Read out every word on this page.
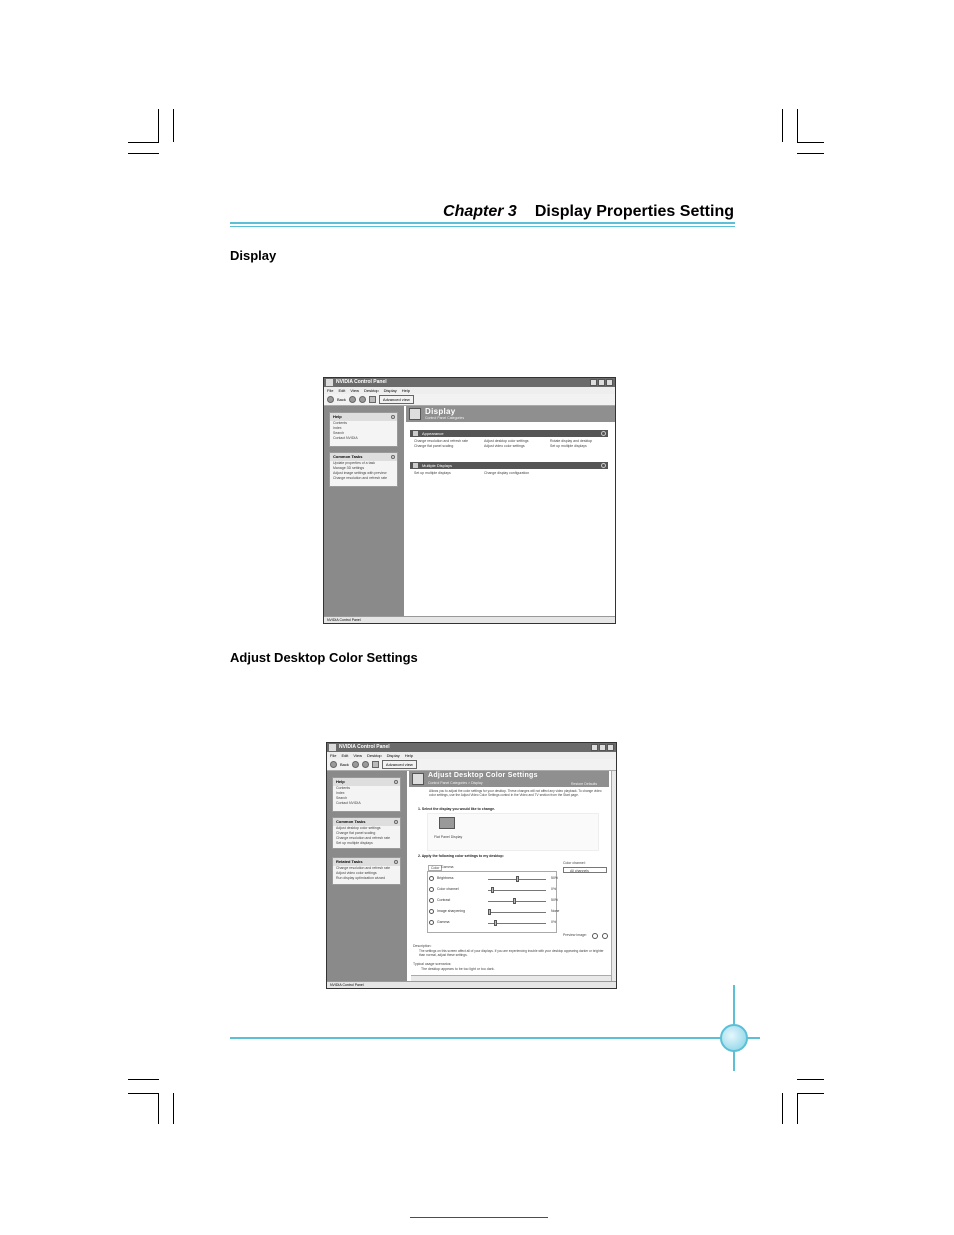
Chapter 3 Display Properties Setting
Display
NVIDIA Control Panel
File Edit View Desktop Display Help
Back	Advanced view
Help
Contents
Index
Search
Contact NVIDIA
Common Tasks
Update properties of a task
Manage 3D settings
Adjust image settings with preview
Change resolution and refresh rate
Display
Control Panel Categories
Appearance
Change resolution and refresh rate	Adjust desktop color settings	Rotate display and desktop
Change flat panel scaling	Adjust video color settings	Set up multiple displays
Multiple Displays
Set up multiple displays	Change display configuration
NVIDIA Control Panel
Adjust Desktop Color Settings
NVIDIA Control Panel
File Edit View Desktop Display Help
Back	Advanced view
Help
Contents
Index
Search
Contact NVIDIA
Common Tasks
Adjust desktop color settings
Change flat panel scaling
Change resolution and refresh rate
Set up multiple displays
Related Tasks
Change resolution and refresh rate
Adjust video color settings
Run display optimization wizard
Adjust Desktop Color Settings
Control Panel Categories > Display	Restore Defaults
Allows you to adjust the color settings for your desktop. These changes will not affect any video playback. To change video color settings, use the Adjust Video Color Settings control in the Video and TV section from the Start page.
1. Select the display you would like to change.
Flat Panel Display
2. Apply the following color settings to my desktop:
Color Gamma
Brightness	50%
Color channel	0%
Contrast	50%
Image sharpening	None
Gamma	0%
Color channel:
All channels
Preview image:
Description:
The settings on this screen affect all of your displays. If you are experiencing trouble with your desktop appearing darker or brighter than normal, adjust these settings.
Typical usage scenarios:
The desktop appears to be too light or too dark.
NVIDIA Control Panel
